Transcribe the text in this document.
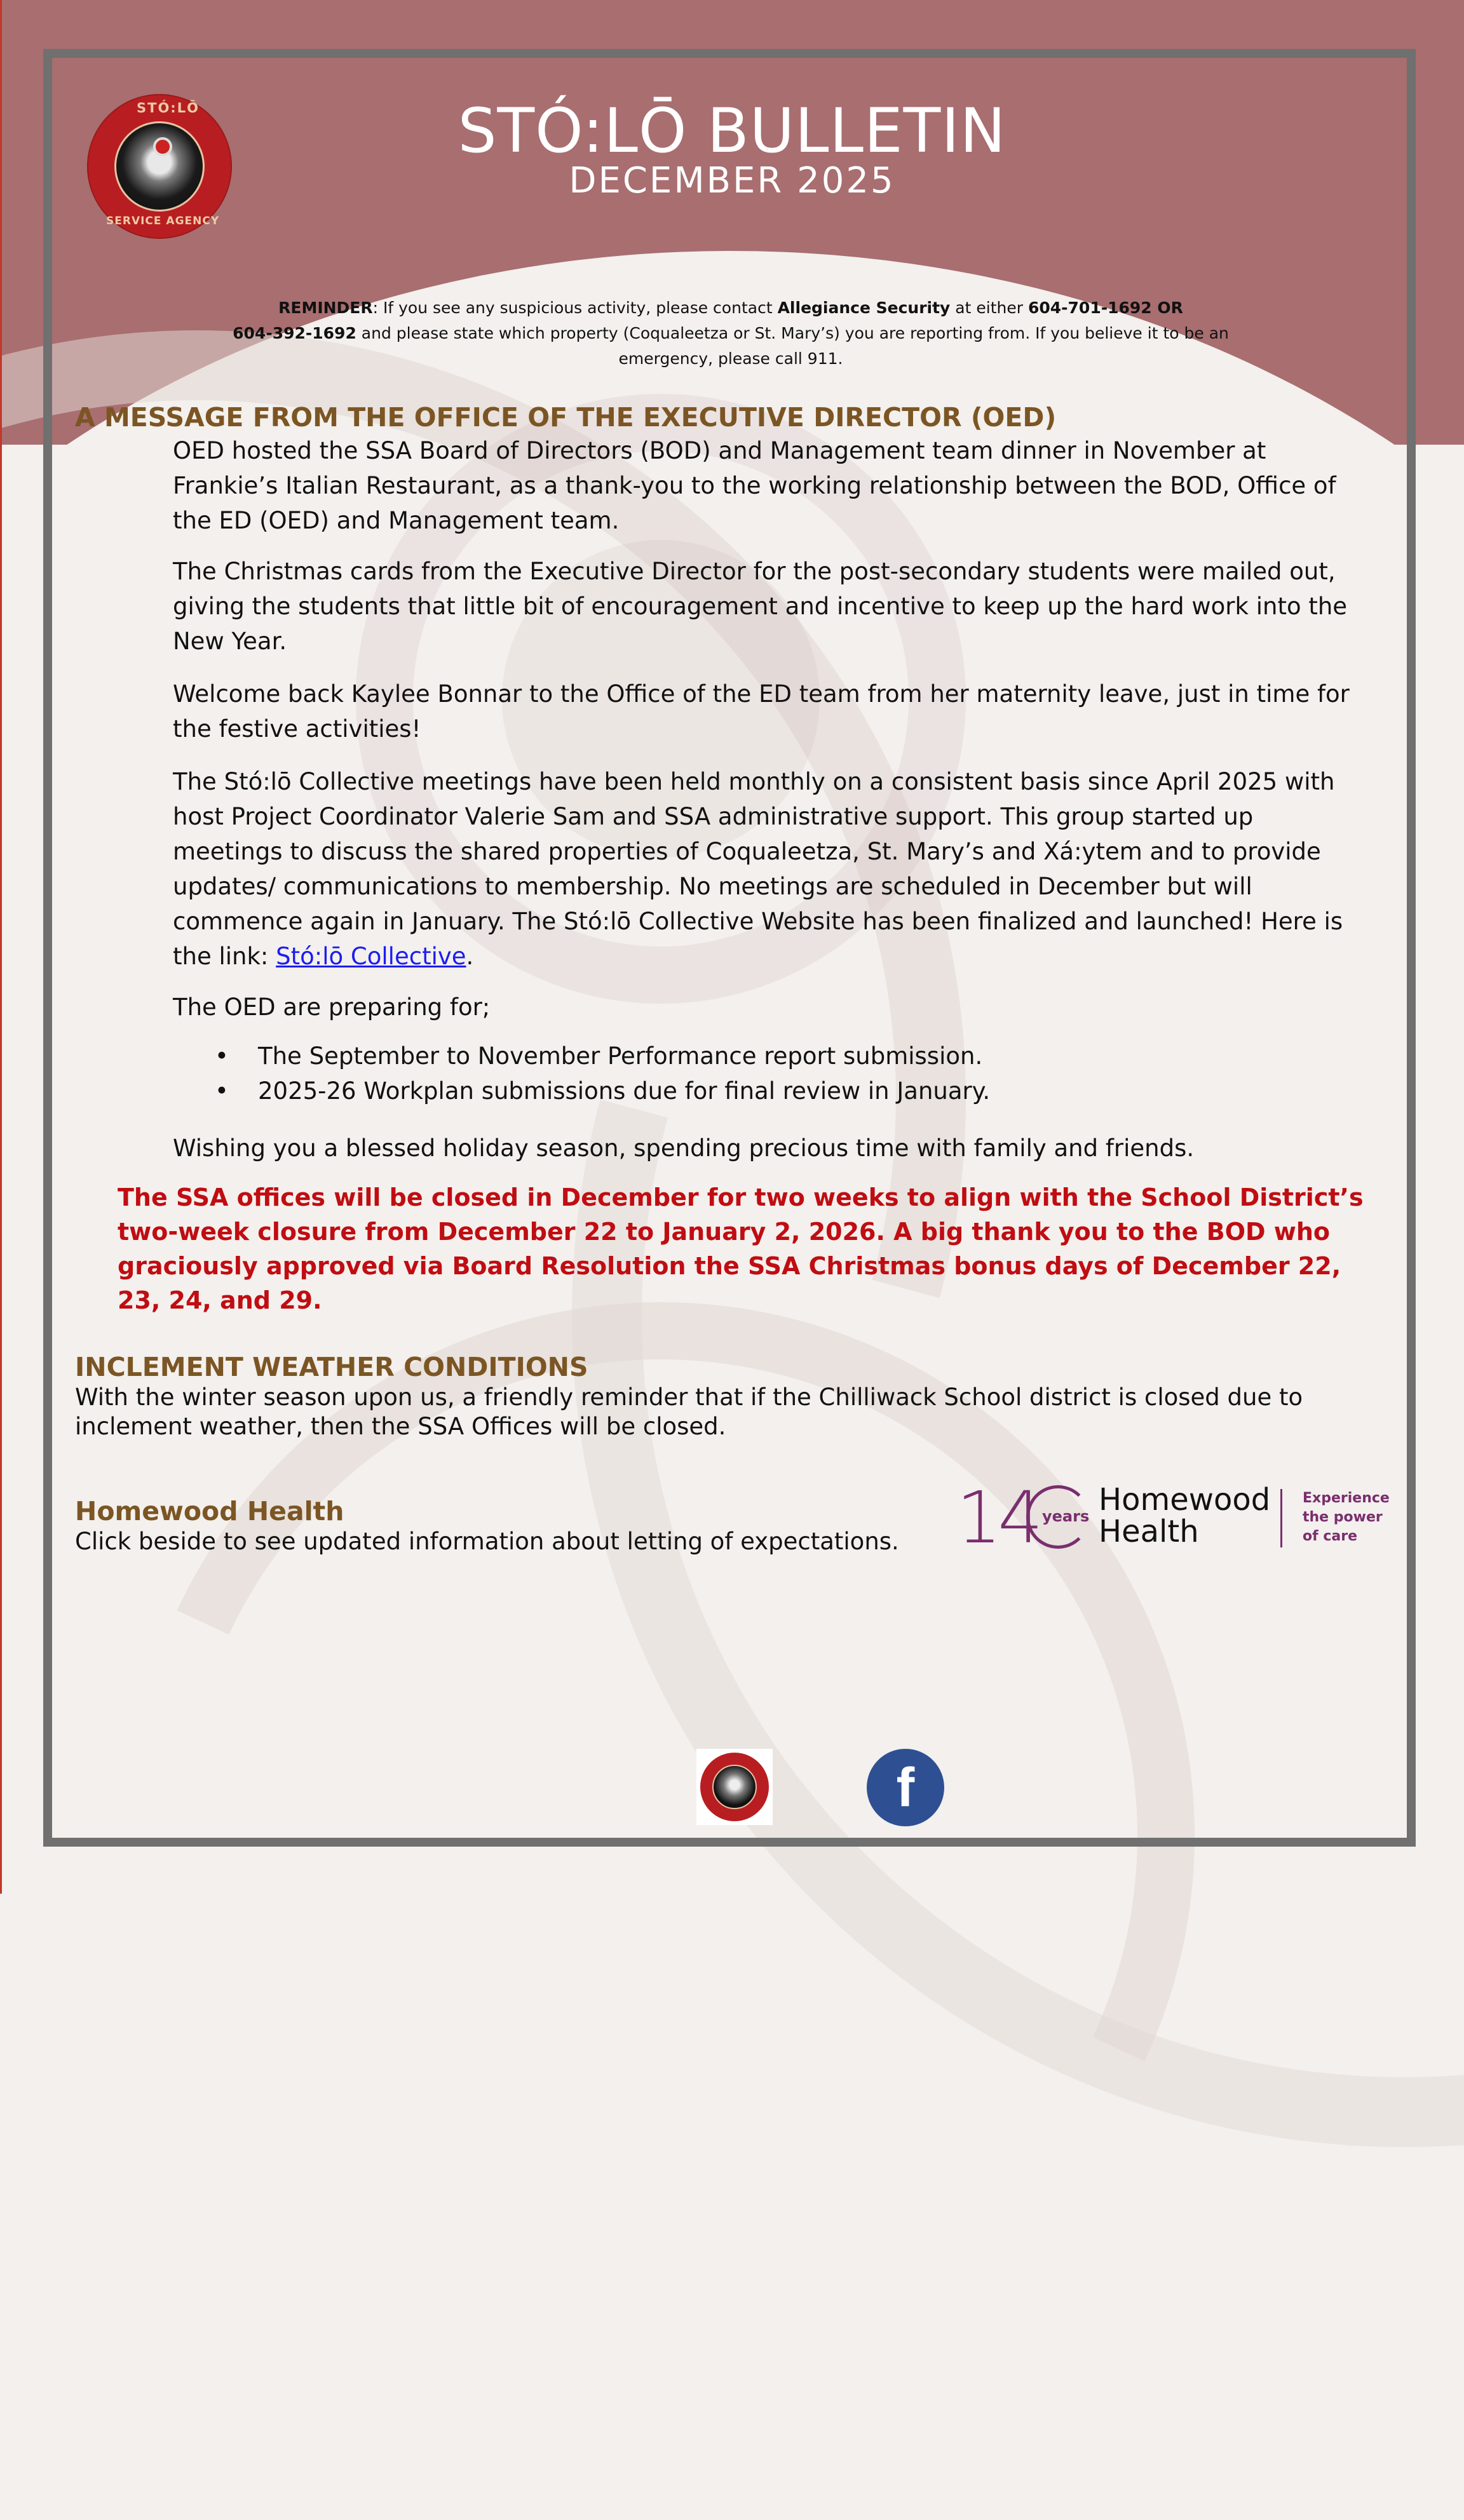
STÓ:LŌ
SERVICE AGENCY
STÓ:LŌ BULLETIN
DECEMBER 2025
REMINDER: If you see any suspicious activity, please contact Allegiance Security at either 604-701-1692 OR
604-392-1692 and please state which property (Coqualeetza or St. Mary’s) you are reporting from. If you believe it to be an emergency, please call 911.
A MESSAGE FROM THE OFFICE OF THE EXECUTIVE DIRECTOR (OED)
OED hosted the SSA Board of Directors (BOD) and Management team dinner in November at Frankie’s Italian Restaurant, as a thank-you to the working relationship between the BOD, Office of the ED (OED) and Management team.
The Christmas cards from the Executive Director for the post-secondary students were mailed out, giving the students that little bit of encouragement and incentive to keep up the hard work into the New Year.
Welcome back Kaylee Bonnar to the Office of the ED team from her maternity leave, just in time for the festive activities!
The Stó:lō Collective meetings have been held monthly on a consistent basis since April 2025 with host Project Coordinator Valerie Sam and SSA administrative support. This group started up meetings to discuss the shared properties of Coqualeetza, St. Mary’s and Xá:ytem and to provide updates/ communications to membership. No meetings are scheduled in December but will commence again in January. The Stó:lō Collective Website has been finalized and launched! Here is the link: Stó:lō Collective.
The OED are preparing for;
• The September to November Performance report submission.
• 2025-26 Workplan submissions due for final review in January.
Wishing you a blessed holiday season, spending precious time with family and friends.
The SSA offices will be closed in December for two weeks to align with the School District’s two-week closure from December 22 to January 2, 2026. A big thank you to the BOD who graciously approved via Board Resolution the SSA Christmas bonus days of December 22, 23, 24, and 29.
INCLEMENT WEATHER CONDITIONS
With the winter season upon us, a friendly reminder that if the Chilliwack School district is closed due to inclement weather, then the SSA Offices will be closed.
Homewood Health
Click beside to see updated information about letting of expectations. 14 years Homewood
Health
Experience
the power
of care
f
